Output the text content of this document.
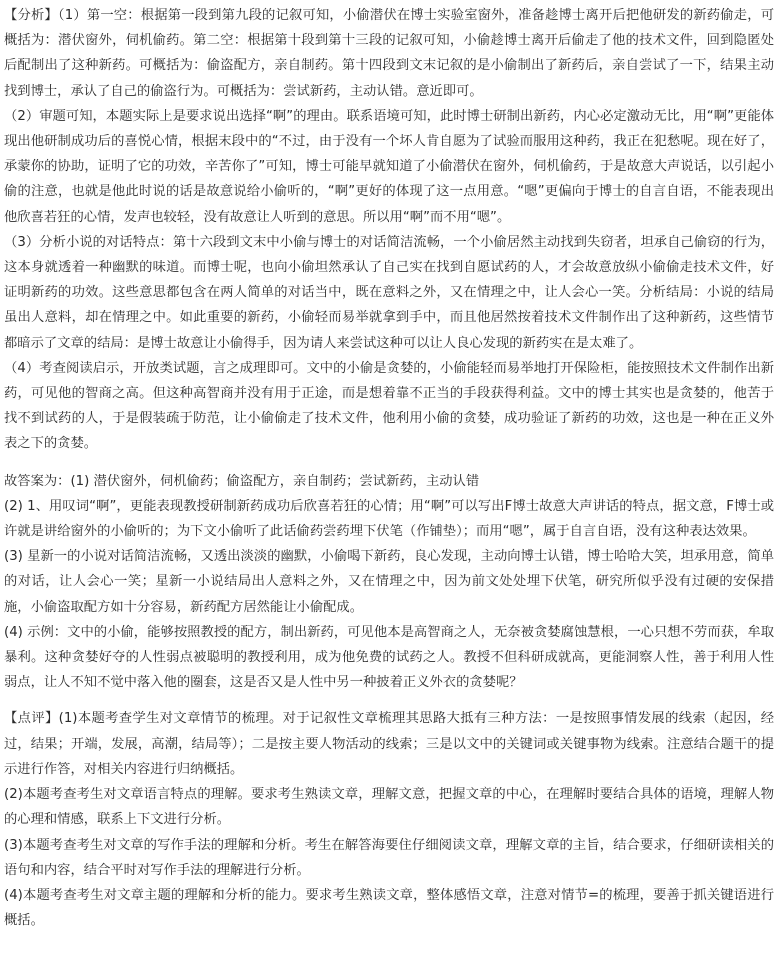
【分析】（1）第一空：根据第一段到第九段的记叙可知，小偷潜伏在博士实验室窗外，准备趁博士离开后把他研发的新药偷走，可概括为：潜伏窗外，伺机偷药。第二空：根据第十段到第十三段的记叙可知，小偷趁博士离开后偷走了他的技术文件，回到隐匿处后配制出了这种新药。可概括为：偷盗配方，亲自制药。第十四段到文末记叙的是小偷制出了新药后，亲自尝试了一下，结果主动找到博士，承认了自己的偷盗行为。可概括为：尝试新药，主动认错。意近即可。

（2）审题可知，本题实际上是要求说出选择“啊”的理由。联系语境可知，此时博士研制出新药，内心必定激动无比，用“啊”更能体现出他研制成功后的喜悦心情，根据末段中的“不过，由于没有一个坏人肯自愿为了试验而服用这种药，我正在犯愁呢。现在好了，承蒙你的协助，证明了它的功效，辛苦你了”可知，博士可能早就知道了小偷潜伏在窗外，伺机偷药，于是故意大声说话，以引起小偷的注意，也就是他此时说的话是故意说给小偷听的，“啊”更好的体现了这一点用意。“嗯”更偏向于博士的自言自语，不能表现出他欣喜若狂的心情，发声也较轻，没有故意让人听到的意思。所以用“啊”而不用“嗯”。

（3）分析小说的对话特点：第十六段到文末中小偷与博士的对话简洁流畅，一个小偷居然主动找到失窃者，坦承自己偷窃的行为，这本身就透着一种幽默的味道。而博士呢，也向小偷坦然承认了自己实在找到自愿试药的人，才会故意放纵小偷偷走技术文件，好证明新药的功效。这些意思都包含在两人简单的对话当中，既在意料之外，又在情理之中，让人会心一笑。分析结局：小说的结局虽出人意料，却在情理之中。如此重要的新药，小偷轻而易举就拿到手中，而且他居然按着技术文件制作出了这种新药，这些情节都暗示了文章的结局：是博士故意让小偷得手，因为请人来尝试这种可以让人良心发现的新药实在是太难了。

（4）考查阅读启示，开放类试题，言之成理即可。文中的小偷是贪婪的，小偷能轻而易举地打开保险柜，能按照技术文件制作出新药，可见他的智商之高。但这种高智商并没有用于正途，而是想着靠不正当的手段获得利益。文中的博士其实也是贪婪的，他苦于找不到试药的人，于是假装疏于防范，让小偷偷走了技术文件，他利用小偷的贪婪，成功验证了新药的功效，这也是一种在正义外表之下的贪婪。

故答案为：(1) 潜伏窗外，伺机偷药；偷盗配方，亲自制药；尝试新药，主动认错

(2) 1、用叹词“啊”，更能表现教授研制新药成功后欣喜若狂的心情；用“啊”可以写出F博士故意大声讲话的特点，据文意，F博士或许就是讲给窗外的小偷听的；为下文小偷听了此话偷药尝药埋下伏笔（作铺垫）；而用“嗯”，属于自言自语，没有这种表达效果。

(3) 星新一的小说对话简洁流畅，又透出淡淡的幽默，小偷喝下新药，良心发现，主动向博士认错，博士哈哈大笑，坦承用意，简单的对话，让人会心一笑；星新一小说结局出人意料之外，又在情理之中，因为前文处处埋下伏笔，研究所似乎没有过硬的安保措施，小偷盗取配方如十分容易，新药配方居然能让小偷配成。

(4) 示例：文中的小偷，能够按照教授的配方，制出新药，可见他本是高智商之人，无奈被贪婪腐蚀慧根，一心只想不劳而获，牟取暴利。这种贪婪好夺的人性弱点被聪明的教授利用，成为他免费的试药之人。教授不但科研成就高，更能洞察人性，善于利用人性弱点，让人不知不觉中落入他的圈套，这是否又是人性中另一种披着正义外衣的贪婪呢？

【点评】(1)本题考查学生对文章情节的梳理。对于记叙性文章梳理其思路大抵有三种方法：一是按照事情发展的线索（起因，经过，结果；开端，发展，高潮，结局等）；二是按主要人物活动的线索；三是以文中的关键词或关键事物为线索。注意结合题干的提示进行作答，对相关内容进行归纳概括。

(2)本题考查考生对文章语言特点的理解。要求考生熟读文章，理解文意，把握文章的中心，在理解时要结合具体的语境，理解人物的心理和情感，联系上下文进行分析。

(3)本题考查考生对文章的写作手法的理解和分析。考生在解答海要住仔细阅读文章，理解文章的主旨，结合要求，仔细研读相关的语句和内容，结合平时对写作手法的理解进行分析。

(4)本题考查考生对文章主题的理解和分析的能力。要求考生熟读文章，整体感悟文章，注意对情节=的梳理，要善于抓关键语进行概括。
